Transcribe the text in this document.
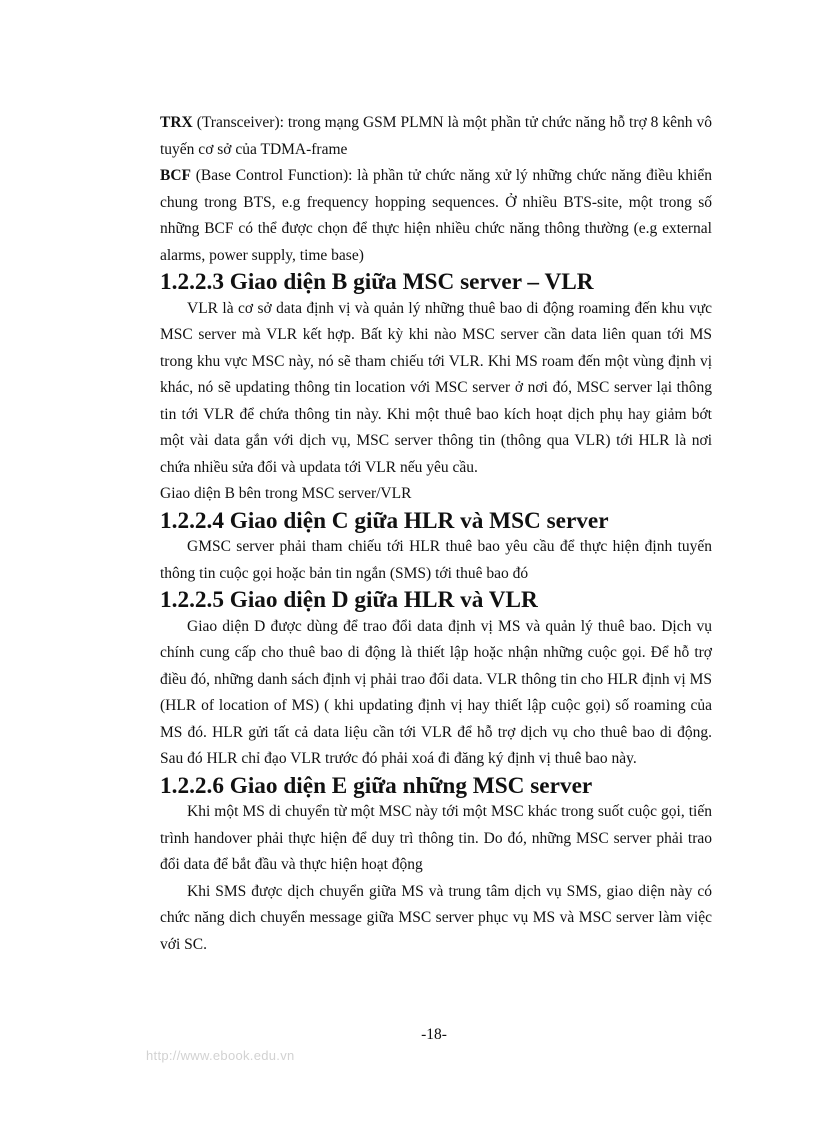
TRX (Transceiver): trong mạng GSM PLMN là một phần tử chức năng hỗ trợ 8 kênh vô tuyến cơ sở của TDMA-frame

BCF (Base Control Function): là phần tử chức năng xử lý những chức năng điều khiển chung trong BTS, e.g frequency hopping sequences. Ở nhiều BTS-site, một trong số những BCF có thể được chọn để thực hiện nhiều chức năng thông thường (e.g external alarms, power supply, time base)

1.2.2.3 Giao diện B giữa MSC server – VLR

VLR là cơ sở data định vị và quản lý những thuê bao di động roaming đến khu vực MSC server mà VLR kết hợp. Bất kỳ khi nào MSC server cần data liên quan tới MS trong khu vực MSC này, nó sẽ tham chiếu tới VLR. Khi MS roam đến một vùng định vị khác, nó sẽ updating thông tin location với MSC server ở nơi đó, MSC server lại thông tin tới VLR để chứa thông tin này. Khi một thuê bao kích hoạt dịch phụ hay giảm bớt một vài data gắn với dịch vụ, MSC server thông tin (thông qua VLR) tới HLR là nơi chứa nhiều sửa đổi và updata tới VLR nếu yêu cầu.

Giao diện B bên trong MSC server/VLR

1.2.2.4 Giao diện C giữa HLR và MSC server

GMSC server phải tham chiếu tới HLR thuê bao yêu cầu để thực hiện định tuyến thông tin cuộc gọi hoặc bản tin ngắn (SMS) tới thuê bao đó

1.2.2.5 Giao diện D giữa HLR và VLR

Giao diện D được dùng để trao đổi data định vị MS và quản lý thuê bao. Dịch vụ chính cung cấp cho thuê bao di động là thiết lập hoặc nhận những cuộc gọi. Để hỗ trợ điều đó, những danh sách định vị phải trao đổi data. VLR thông tin cho HLR định vị MS (HLR of location of MS) ( khi updating định vị hay thiết lập cuộc gọi) số roaming của MS đó. HLR gửi tất cả data liệu cần tới VLR để hỗ trợ dịch vụ cho thuê bao di động. Sau đó HLR chỉ đạo VLR trước đó phải xoá đi đăng ký định vị thuê bao này.

1.2.2.6 Giao diện E giữa những MSC server

Khi một MS di chuyển từ một MSC này tới một MSC khác trong suốt cuộc gọi, tiến trình handover phải thực hiện để duy trì thông tin. Do đó, những MSC server phải trao đổi data để bắt đầu và thực hiện hoạt động

Khi SMS được dịch chuyển giữa MS và trung tâm dịch vụ SMS, giao diện này có chức năng dich chuyển message giữa MSC server phục vụ MS và MSC server làm việc với SC.

-18-
http://www.ebook.edu.vn
